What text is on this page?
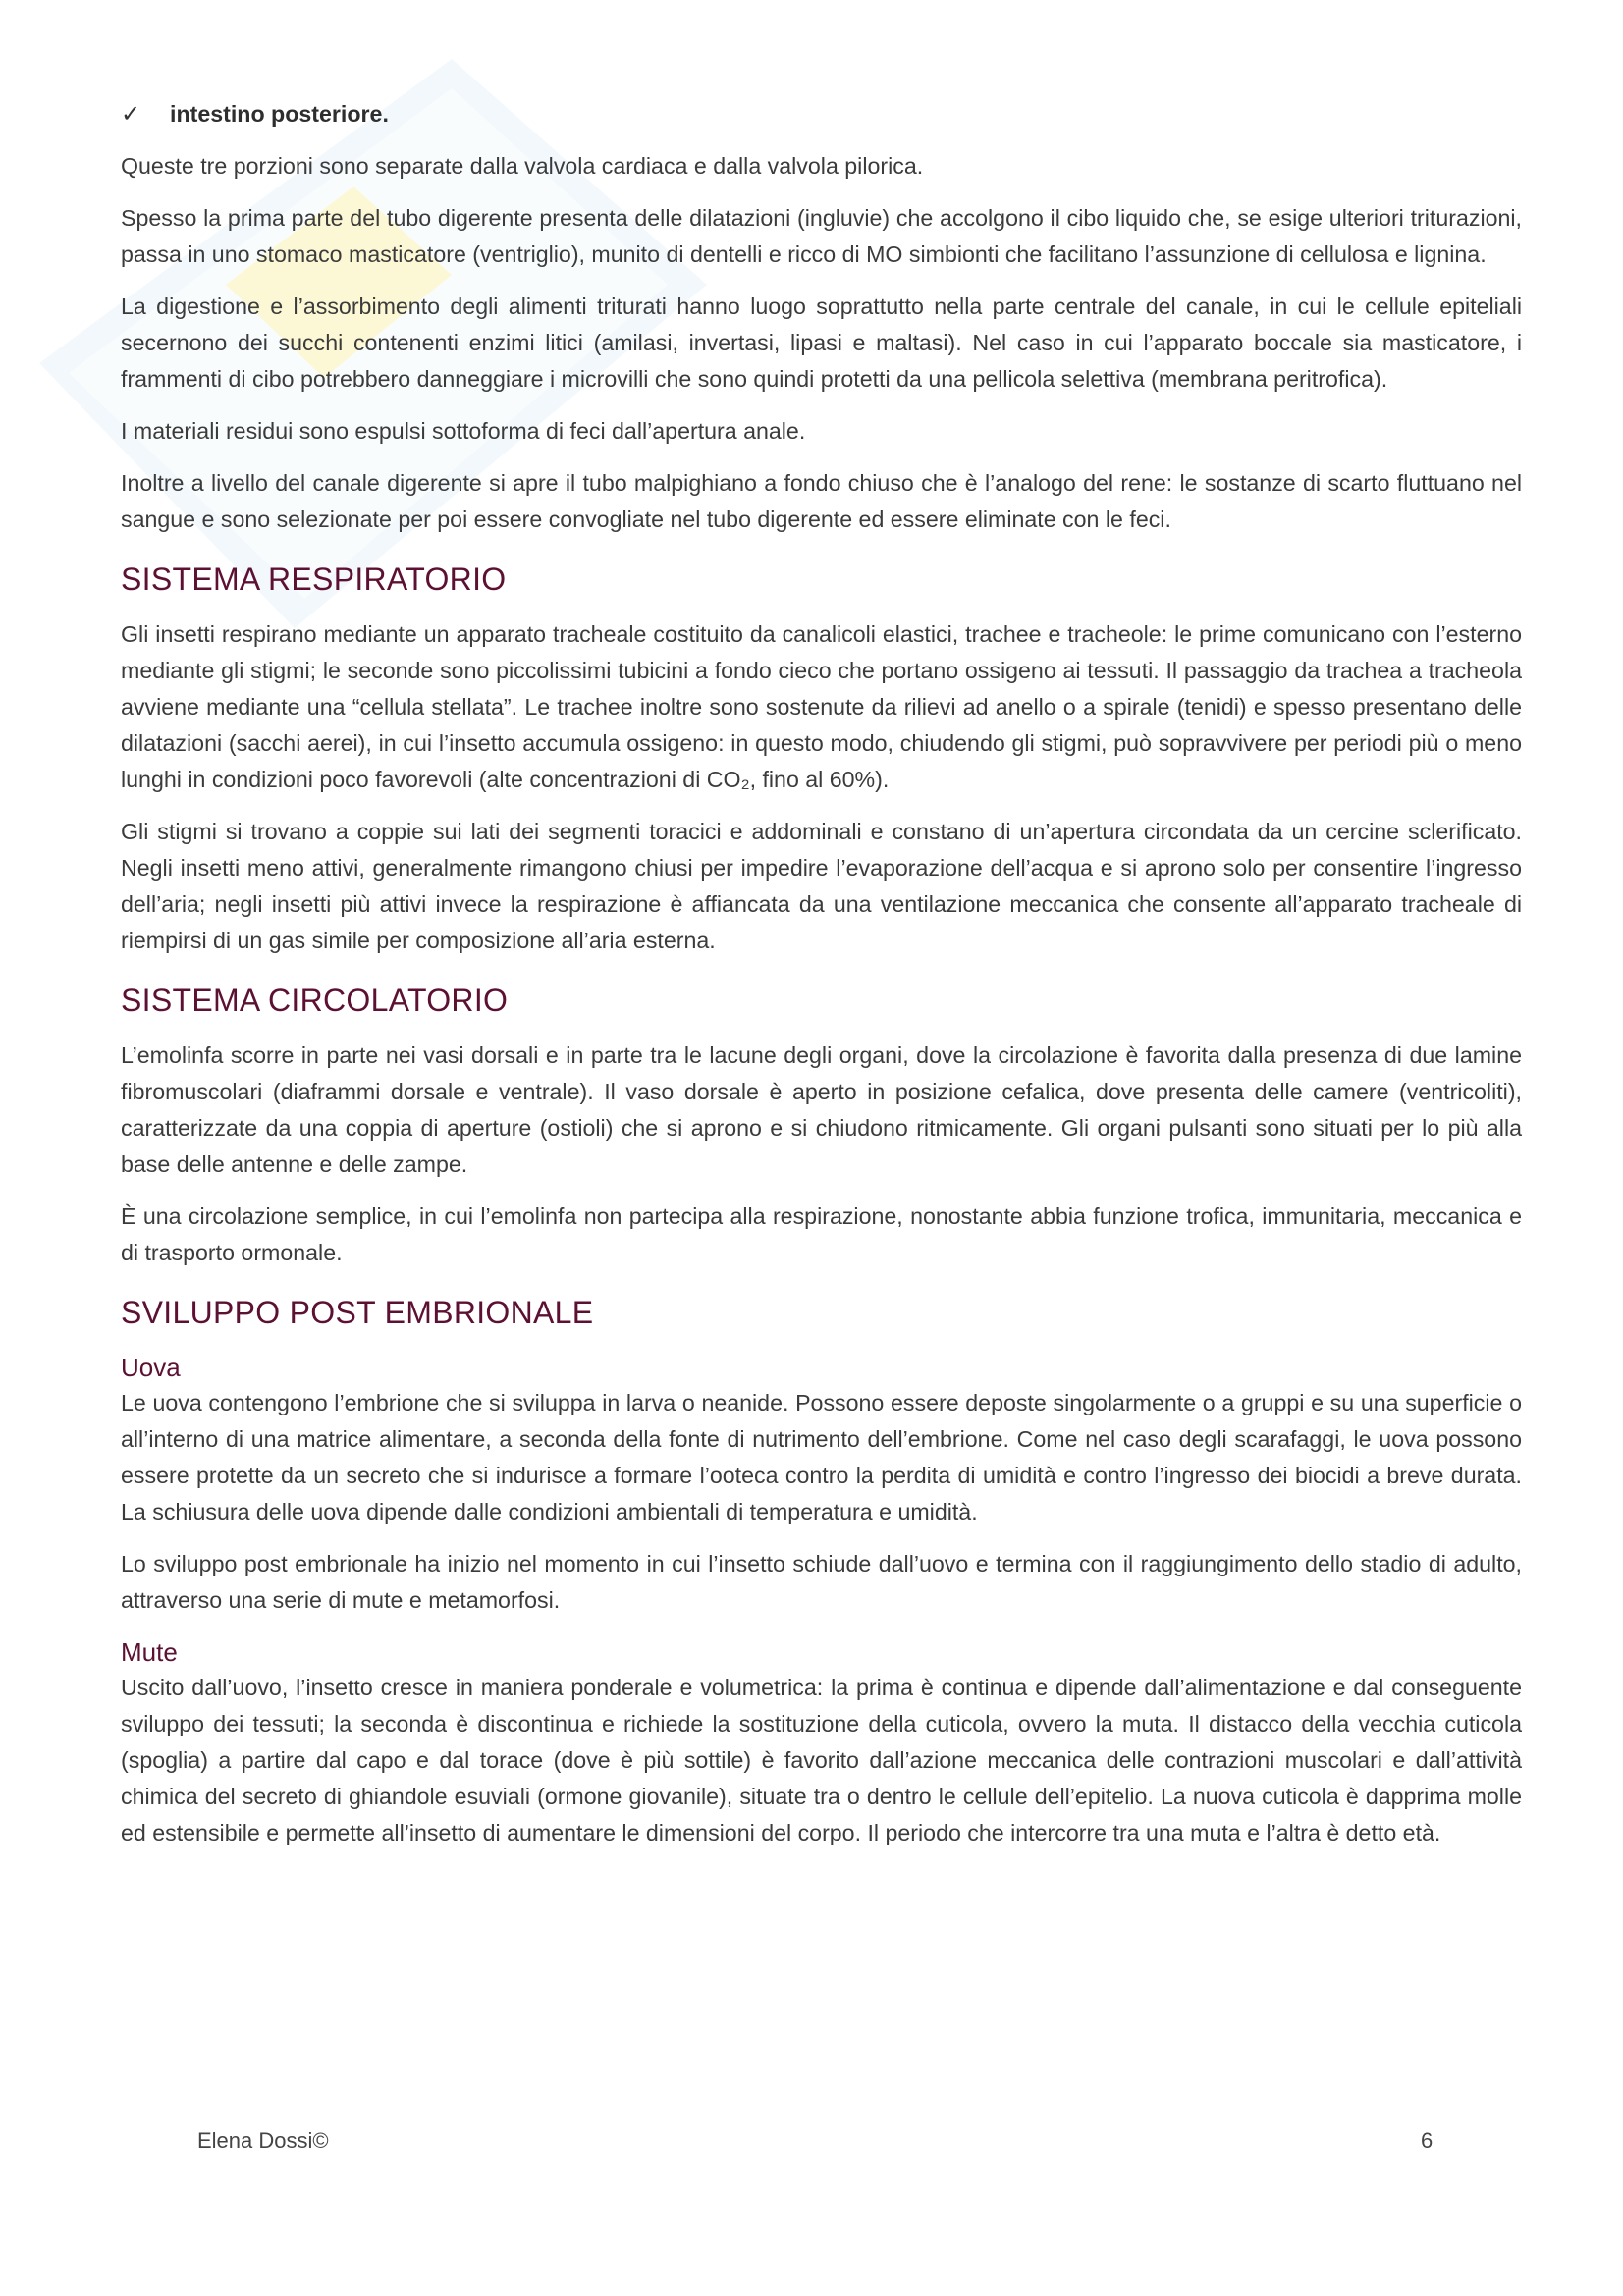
✓	intestino posteriore.

Queste tre porzioni sono separate dalla valvola cardiaca e dalla valvola pilorica.

Spesso la prima parte del tubo digerente presenta delle dilatazioni (ingluvie) che accolgono il cibo liquido che, se esige ulteriori triturazioni, passa in uno stomaco masticatore (ventriglio), munito di dentelli e ricco di MO simbionti che facilitano l’assunzione di cellulosa e lignina.

La digestione e l’assorbimento degli alimenti triturati hanno luogo soprattutto nella parte centrale del canale, in cui le cellule epiteliali secernono dei succhi contenenti enzimi litici (amilasi, invertasi, lipasi e maltasi). Nel caso in cui l’apparato boccale sia masticatore, i frammenti di cibo potrebbero danneggiare i microvilli che sono quindi protetti da una pellicola selettiva (membrana peritrofica).

I materiali residui sono espulsi sottoforma di feci dall’apertura anale.

Inoltre a livello del canale digerente si apre il tubo malpighiano a fondo chiuso che è l’analogo del rene: le sostanze di scarto fluttuano nel sangue e sono selezionate per poi essere convogliate nel tubo digerente ed essere eliminate con le feci.

SISTEMA RESPIRATORIO

Gli insetti respirano mediante un apparato tracheale costituito da canalicoli elastici, trachee e tracheole: le prime comunicano con l’esterno mediante gli stigmi; le seconde sono piccolissimi tubicini a fondo cieco che portano ossigeno ai tessuti. Il passaggio da trachea a tracheola avviene mediante una “cellula stellata”. Le trachee inoltre sono sostenute da rilievi ad anello o a spirale (tenidi) e spesso presentano delle dilatazioni (sacchi aerei), in cui l’insetto accumula ossigeno: in questo modo, chiudendo gli stigmi, può sopravvivere per periodi più o meno lunghi in condizioni poco favorevoli (alte concentrazioni di CO₂, fino al 60%).

Gli stigmi si trovano a coppie sui lati dei segmenti toracici e addominali e constano di un’apertura circondata da un cercine sclerificato. Negli insetti meno attivi, generalmente rimangono chiusi per impedire l’evaporazione dell’acqua e si aprono solo per consentire l’ingresso dell’aria; negli insetti più attivi invece la respirazione è affiancata da una ventilazione meccanica che consente all’apparato tracheale di riempirsi di un gas simile per composizione all’aria esterna.

SISTEMA CIRCOLATORIO

L’emolinfa scorre in parte nei vasi dorsali e in parte tra le lacune degli organi, dove la circolazione è favorita dalla presenza di due lamine fibromuscolari (diaframmi dorsale e ventrale). Il vaso dorsale è aperto in posizione cefalica, dove presenta delle camere (ventricoliti), caratterizzate da una coppia di aperture (ostioli) che si aprono e si chiudono ritmicamente. Gli organi pulsanti sono situati per lo più alla base delle antenne e delle zampe.

È una circolazione semplice, in cui l’emolinfa non partecipa alla respirazione, nonostante abbia funzione trofica, immunitaria, meccanica e di trasporto ormonale.

SVILUPPO POST EMBRIONALE
Uova

Le uova contengono l’embrione che si sviluppa in larva o neanide. Possono essere deposte singolarmente o a gruppi e su una superficie o all’interno di una matrice alimentare, a seconda della fonte di nutrimento dell’embrione. Come nel caso degli scarafaggi, le uova possono essere protette da un secreto che si indurisce a formare l’ooteca contro la perdita di umidità e contro l’ingresso dei biocidi a breve durata. La schiusura delle uova dipende dalle condizioni ambientali di temperatura e umidità.

Lo sviluppo post embrionale ha inizio nel momento in cui l’insetto schiude dall’uovo e termina con il raggiungimento dello stadio di adulto, attraverso una serie di mute e metamorfosi.

Mute

Uscito dall’uovo, l’insetto cresce in maniera ponderale e volumetrica: la prima è continua e dipende dall’alimentazione e dal conseguente sviluppo dei tessuti; la seconda è discontinua e richiede la sostituzione della cuticola, ovvero la muta. Il distacco della vecchia cuticola (spoglia) a partire dal capo e dal torace (dove è più sottile) è favorito dall’azione meccanica delle contrazioni muscolari e dall’attività chimica del secreto di ghiandole esuviali (ormone giovanile), situate tra o dentro le cellule dell’epitelio. La nuova cuticola è dapprima molle ed estensibile e permette all’insetto di aumentare le dimensioni del corpo. Il periodo che intercorre tra una muta e l’altra è detto età.

Elena Dossi©	6
